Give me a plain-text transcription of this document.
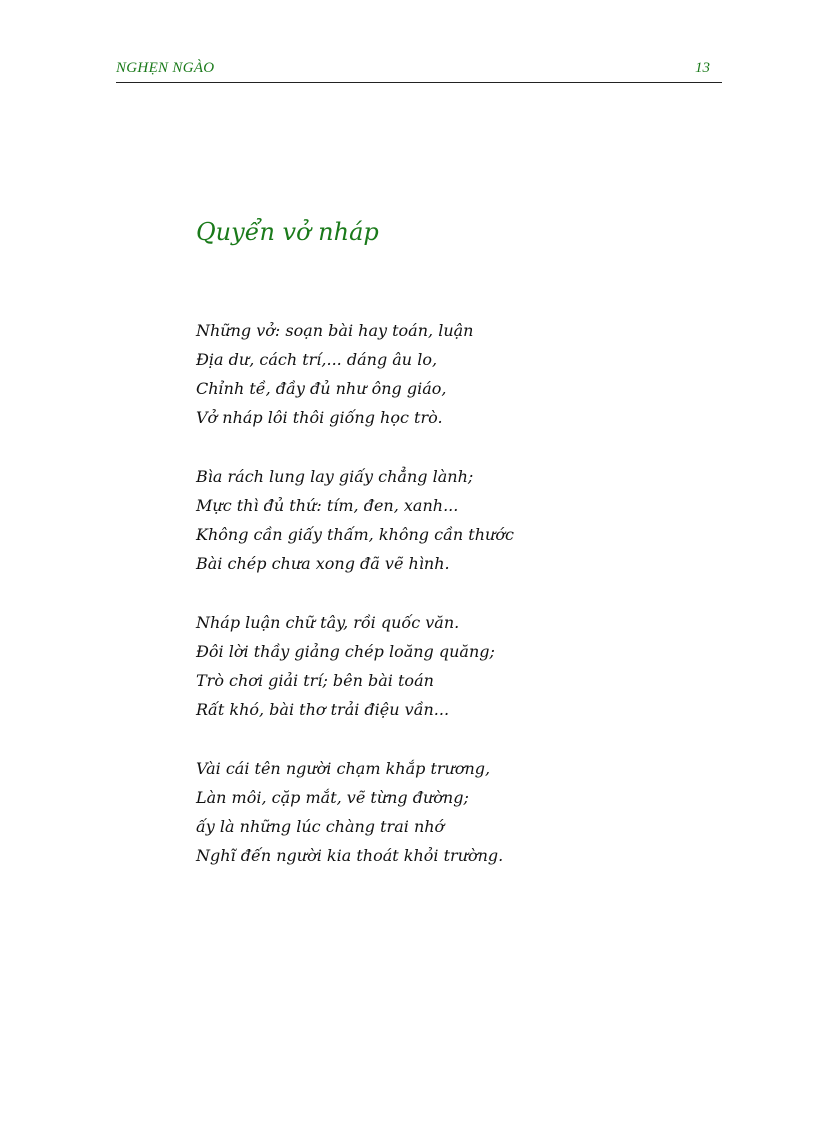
NGHẸN NGÀO	13
Quyển vở nháp
Những vở: soạn bài hay toán, luận
Địa dư, cách trí,... dáng âu lo,
Chỉnh tề, đầy đủ như ông giáo,
Vở nháp lôi thôi giống học trò.
Bìa rách lung lay giấy chẳng lành;
Mực thì đủ thứ: tím, đen, xanh...
Không cần giấy thấm, không cần thước
Bài chép chưa xong đã vẽ hình.
Nháp luận chữ tây, rồi quốc văn.
Đôi lời thầy giảng chép loăng quăng;
Trò chơi giải trí; bên bài toán
Rất khó, bài thơ trải điệu vần...
Vài cái tên người chạm khắp trương,
Làn môi, cặp mắt, vẽ từng đường;
ấy là những lúc chàng trai nhớ
Nghĩ đến người kia thoát khỏi trường.
